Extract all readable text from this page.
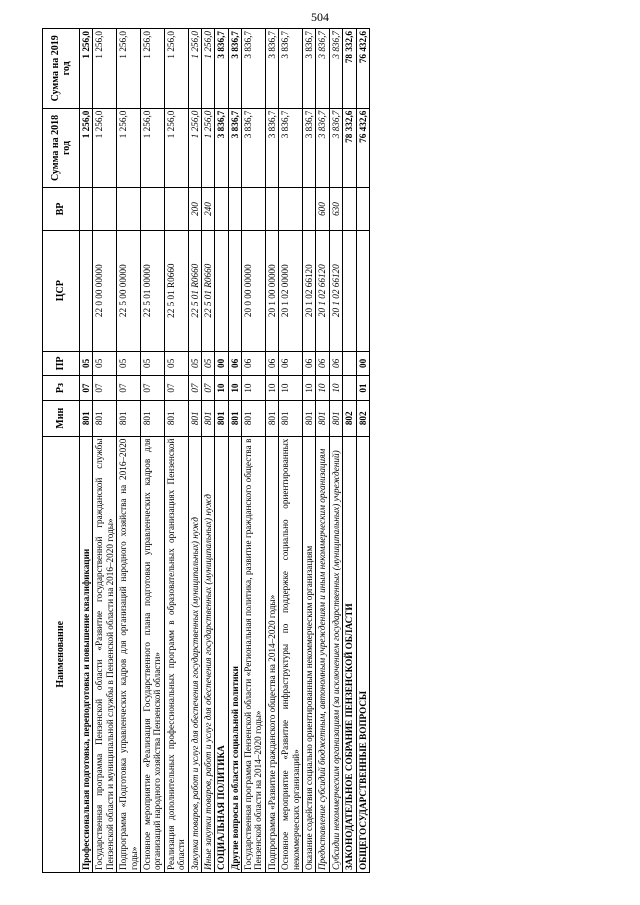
504
Наименование	Мин	Рз	ПР	ЦСР	ВР	Сумма на 2018 год	Сумма на 2019 год
Профессиональная подготовка, переподготовка и повышение квалификации	801	07	05			1 256,0	1 256,0
Государственная программа Пензенской области «Развитие государственной гражданской службы Пензенской области и муниципальной службы в Пензенской области на 2016–2020 годы»	801	07	05	22 0 00 00000		1 256,0	1 256,0
Подпрограмма «Подготовка управленческих кадров для организаций народного хозяйства на 2016–2020 годы»	801	07	05	22 5 00 00000		1 256,0	1 256,0
Основное мероприятие «Реализация Государственного плана подготовки управленческих кадров для организаций народного хозяйства Пензенской области»	801	07	05	22 5 01 00000		1 256,0	1 256,0
Реализация дополнительных профессиональных программ в образовательных организациях Пензенской области	801	07	05	22 5 01 R0660		1 256,0	1 256,0
Закупка товаров, работ и услуг для обеспечения государственных (муниципальных) нужд	801	07	05	22 5 01 R0660	200	1 256,0	1 256,0
Иные закупки товаров, работ и услуг для обеспечения государственных (муниципальных) нужд	801	07	05	22 5 01 R0660	240	1 256,0	1 256,0
СОЦИАЛЬНАЯ ПОЛИТИКА	801	10	00			3 836,7	3 836,7
Другие вопросы в области социальной политики	801	10	06			3 836,7	3 836,7
Государственная программа Пензенской области «Региональная политика, развитие гражданского общества в Пензенской области на 2014–2020 годы»	801	10	06	20 0 00 00000		3 836,7	3 836,7
Подпрограмма «Развитие гражданского общества на 2014–2020 годы»	801	10	06	20 1 00 00000		3 836,7	3 836,7
Основное мероприятие «Развитие инфраструктуры по поддержке социально ориентированных некоммерческих организаций»	801	10	06	20 1 02 00000		3 836,7	3 836,7
Оказание содействия социально ориентированным некоммерческим организациям	801	10	06	20 1 02 66120		3 836,7	3 836,7
Предоставление субсидий бюджетным, автономным учреждениям и иным некоммерческим организациям	801	10	06	20 1 02 66120	600	3 836,7	3 836,7
Субсидии некоммерческим организациям (за исключением государственных (муниципальных) учреждений)	801	10	06	20 1 02 66120	630	3 836,7	3 836,7
ЗАКОНОДАТЕЛЬНОЕ СОБРАНИЕ ПЕНЗЕНСКОЙ ОБЛАСТИ	802					78 332,6	78 332,6
ОБЩЕГОСУДАРСТВЕННЫЕ ВОПРОСЫ	802	01	00			76 432,6	76 432,6
